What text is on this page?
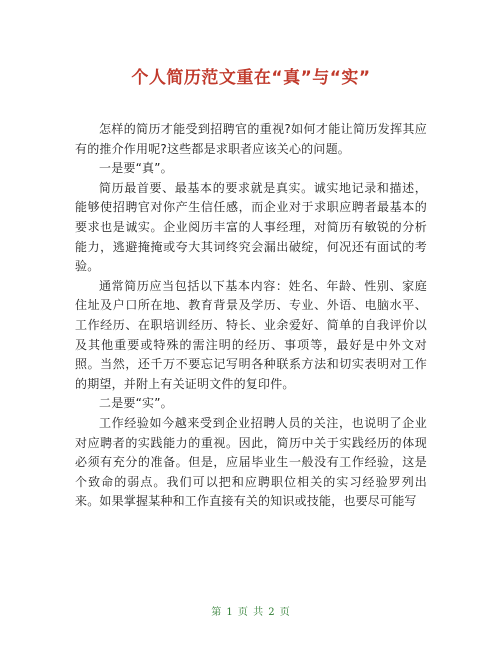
个人简历范文重在“真”与“实”

怎样的简历才能受到招聘官的重视?如何才能让简历发挥其应有的推介作用呢?这些都是求职者应该关心的问题。

一是要“真”。

简历最首要、最基本的要求就是真实。诚实地记录和描述，能够使招聘官对你产生信任感，而企业对于求职应聘者最基本的要求也是诚实。企业阅历丰富的人事经理，对简历有敏锐的分析能力，逃避掩掩或夸大其词终究会漏出破绽，何况还有面试的考验。

通常简历应当包括以下基本内容：姓名、年龄、性别、家庭住址及户口所在地、教育背景及学历、专业、外语、电脑水平、工作经历、在职培训经历、特长、业余爱好、简单的自我评价以及其他重要或特殊的需注明的经历、事项等，最好是中外文对照。当然，还千万不要忘记写明各种联系方法和切实表明对工作的期望，并附上有关证明文件的复印件。

二是要“实”。

工作经验如今越来受到企业招聘人员的关注，也说明了企业对应聘者的实践能力的重视。因此，简历中关于实践经历的体现必须有充分的准备。但是，应届毕业生一般没有工作经验，这是个致命的弱点。我们可以把和应聘职位相关的实习经验罗列出来。如果掌握某种和工作直接有关的知识或技能，也要尽可能写

第 1 页 共 2 页
